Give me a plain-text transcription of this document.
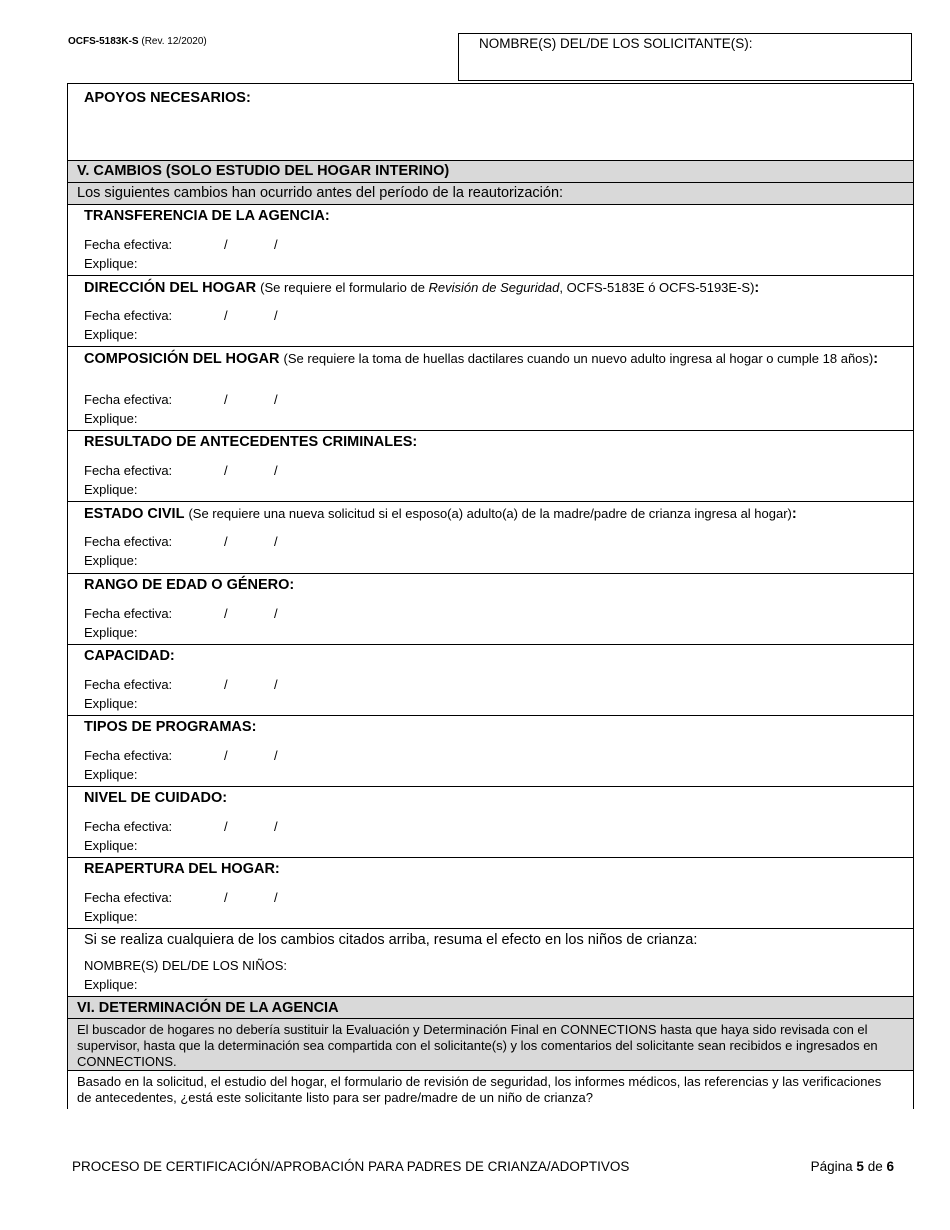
OCFS-5183K-S (Rev. 12/2020)	NOMBRE(S) DEL/DE LOS SOLICITANTE(S):
APOYOS NECESARIOS:
V. CAMBIOS (SOLO ESTUDIO DEL HOGAR INTERINO)
Los siguientes cambios han ocurrido antes del período de la reautorización:
TRANSFERENCIA DE LA AGENCIA:
Fecha efectiva:	/	/
Explique:
DIRECCIÓN DEL HOGAR (Se requiere el formulario de Revisión de Seguridad, OCFS-5183E ó OCFS-5193E-S):
Fecha efectiva:	/	/
Explique:
COMPOSICIÓN DEL HOGAR (Se requiere la toma de huellas dactilares cuando un nuevo adulto ingresa al hogar o cumple 18 años):
Fecha efectiva:	/	/
Explique:
RESULTADO DE ANTECEDENTES CRIMINALES:
Fecha efectiva:	/	/
Explique:
ESTADO CIVIL (Se requiere una nueva solicitud si el esposo(a) adulto(a) de la madre/padre de crianza ingresa al hogar):
Fecha efectiva:	/	/
Explique:
RANGO DE EDAD O GÉNERO:
Fecha efectiva:	/	/
Explique:
CAPACIDAD:
Fecha efectiva:	/	/
Explique:
TIPOS DE PROGRAMAS:
Fecha efectiva:	/	/
Explique:
NIVEL DE CUIDADO:
Fecha efectiva:	/	/
Explique:
REAPERTURA DEL HOGAR:
Fecha efectiva:	/	/
Explique:
Si se realiza cualquiera de los cambios citados arriba, resuma el efecto en los niños de crianza:
NOMBRE(S) DEL/DE LOS NIÑOS:
Explique:
VI. DETERMINACIÓN DE LA AGENCIA
El buscador de hogares no debería sustituir la Evaluación y Determinación Final en CONNECTIONS hasta que haya sido revisada con el supervisor, hasta que la determinación sea compartida con el solicitante(s) y los comentarios del solicitante sean recibidos e ingresados en CONNECTIONS.
Basado en la solicitud, el estudio del hogar, el formulario de revisión de seguridad, los informes médicos, las referencias y las verificaciones de antecedentes, ¿está este solicitante listo para ser padre/madre de un niño de crianza?
PROCESO DE CERTIFICACIÓN/APROBACIÓN PARA PADRES DE CRIANZA/ADOPTIVOS	Página 5 de 6
